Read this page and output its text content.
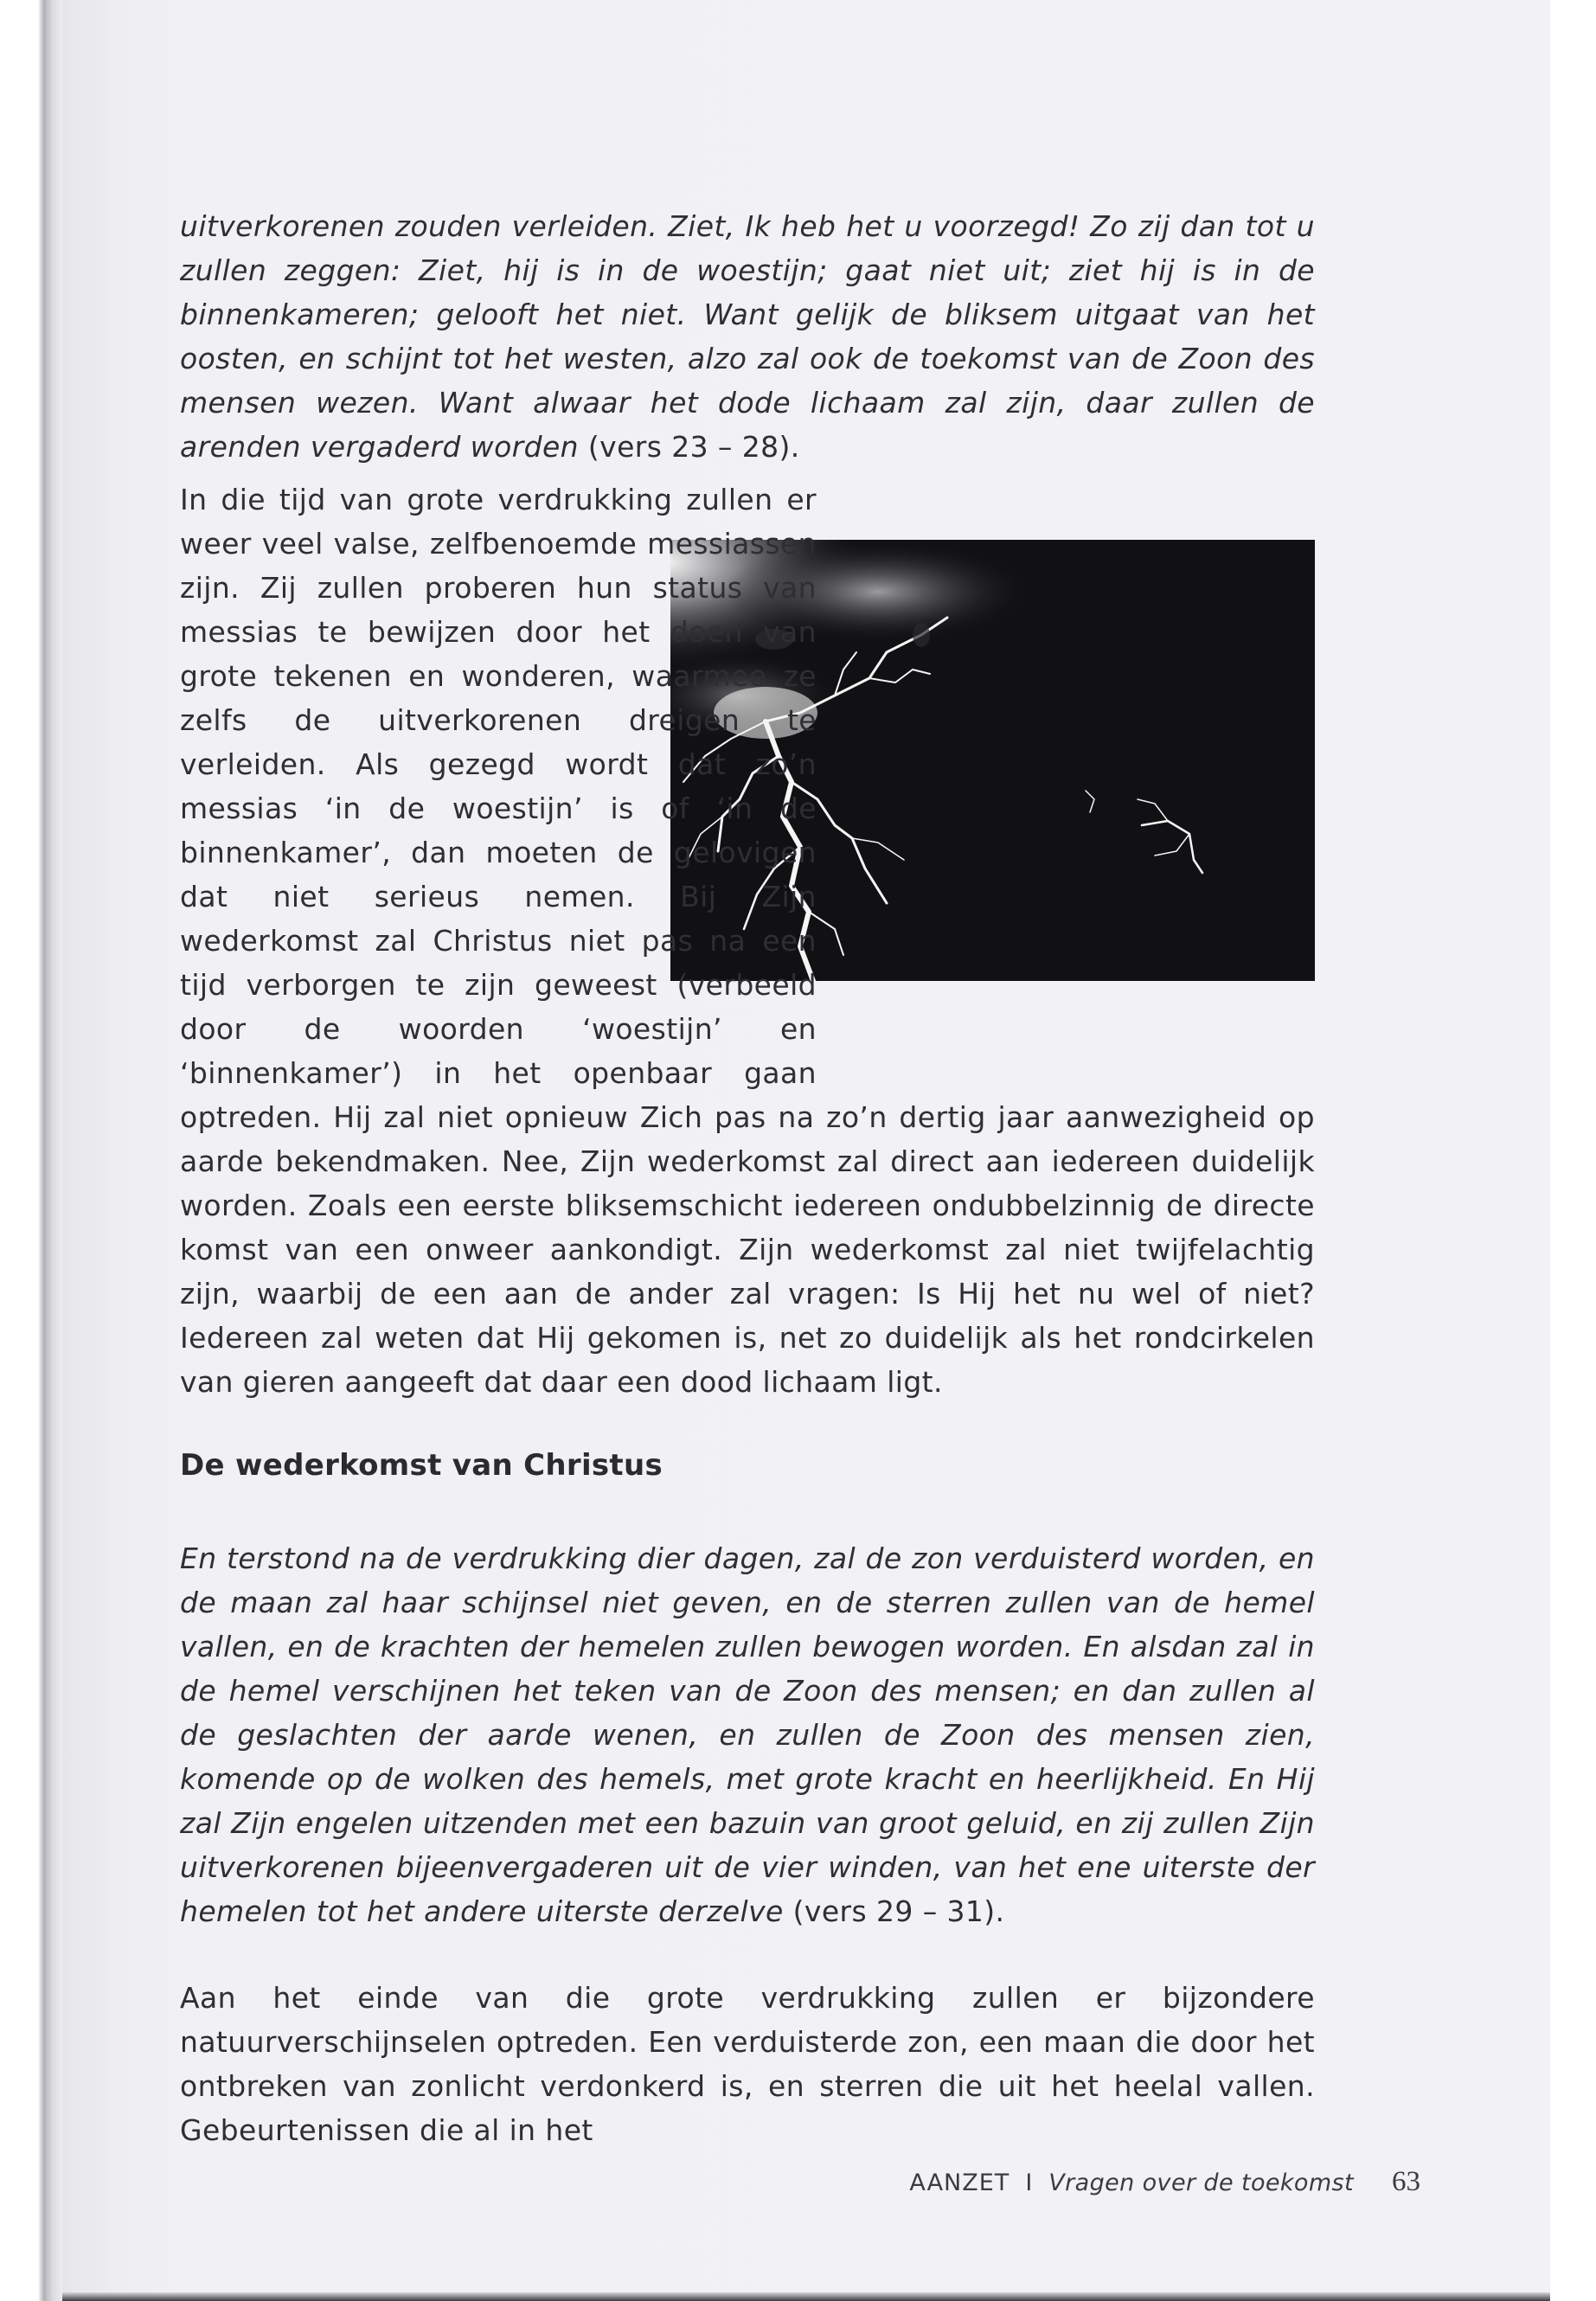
uitverkorenen zouden verleiden. Ziet, Ik heb het u voorzegd! Zo zij dan tot u zullen zeggen: Ziet, hij is in de woestijn; gaat niet uit; ziet hij is in de binnenkameren; gelooft het niet. Want gelijk de bliksem uitgaat van het oosten, en schijnt tot het westen, alzo zal ook de toekomst van de Zoon des mensen wezen. Want alwaar het dode lichaam zal zijn, daar zullen de arenden vergaderd worden (vers 23 – 28).

In die tijd van grote verdrukking zullen er weer veel valse, zelfbenoemde messiassen zijn. Zij zullen proberen hun status van messias te bewijzen door het doen van grote tekenen en wonderen, waarmee ze zelfs de uitverkorenen dreigen te verleiden. Als gezegd wordt dat zo’n messias ‘in de woestijn’ is of ‘in de binnenkamer’, dan moeten de gelovigen dat niet serieus nemen. Bij Zijn wederkomst zal Christus niet pas na een tijd verborgen te zijn geweest (verbeeld door de woorden ‘woestijn’ en ‘binnenkamer’) in het openbaar gaan optreden. Hij zal niet opnieuw Zich pas na zo’n dertig jaar aanwezigheid op aarde bekendmaken. Nee, Zijn wederkomst zal direct aan iedereen duidelijk worden. Zoals een eerste bliksemschicht iedereen ondubbelzinnig de directe komst van een onweer aankondigt. Zijn wederkomst zal niet twijfelachtig zijn, waarbij de een aan de ander zal vragen: Is Hij het nu wel of niet? Iedereen zal weten dat Hij gekomen is, net zo duidelijk als het rondcirkelen van gieren aangeeft dat daar een dood lichaam ligt.

De wederkomst van Christus

En terstond na de verdrukking dier dagen, zal de zon verduisterd worden, en de maan zal haar schijnsel niet geven, en de sterren zullen van de hemel vallen, en de krachten der hemelen zullen bewogen worden. En alsdan zal in de hemel verschijnen het teken van de Zoon des mensen; en dan zullen al de geslachten der aarde wenen, en zullen de Zoon des mensen zien, komende op de wolken des hemels, met grote kracht en heerlijkheid. En Hij zal Zijn engelen uitzenden met een bazuin van groot geluid, en zij zullen Zijn uitverkorenen bijeenvergaderen uit de vier winden, van het ene uiterste der hemelen tot het andere uiterste derzelve (vers 29 – 31).

Aan het einde van die grote verdrukking zullen er bijzondere natuurverschijnselen optreden. Een verduisterde zon, een maan die door het ontbreken van zonlicht verdonkerd is, en sterren die uit het heelal vallen. Gebeurtenissen die al in het

AANZET I Vragen over de toekomst 63
